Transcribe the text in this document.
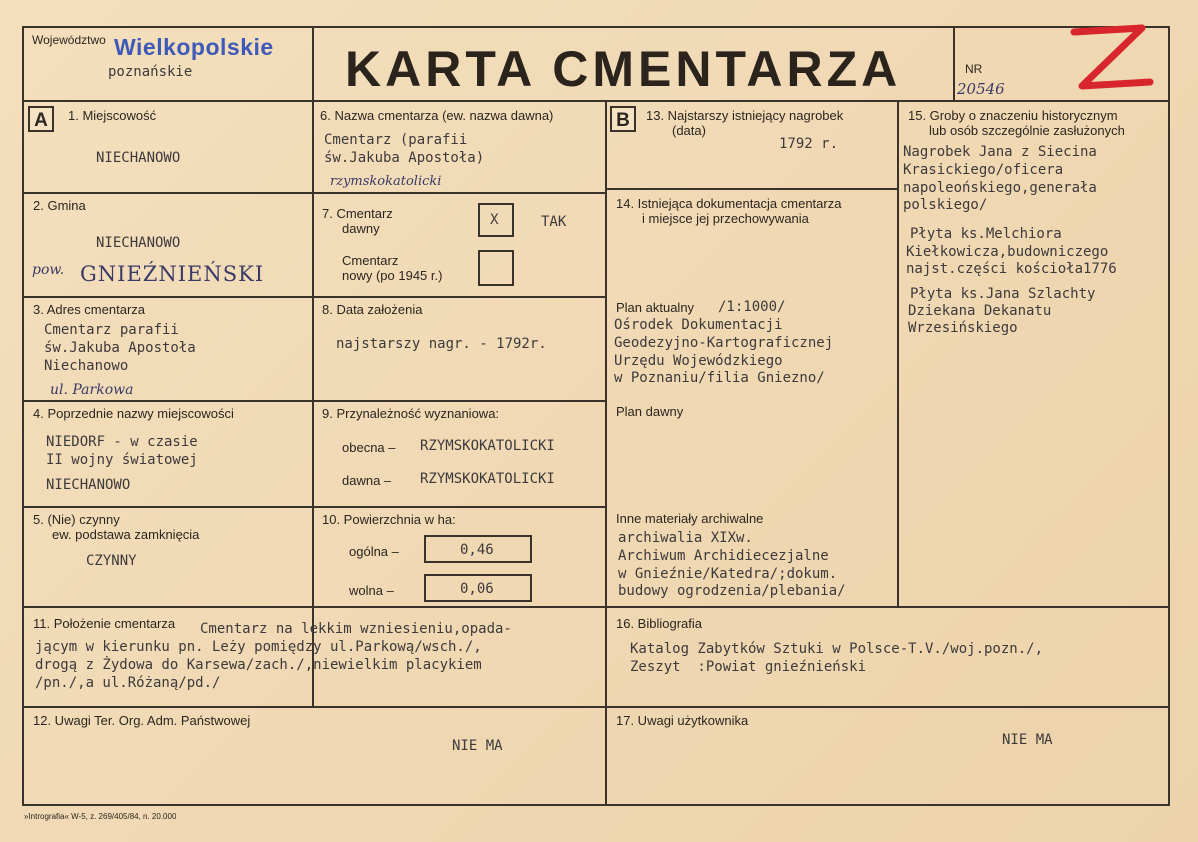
Województwo Wielkopolskie
poznańskie	KARTA CMENTARZA	NR
20546
A	1. Miejscowość
NIECHANOWO
2. Gmina
NIECHANOWO
pow. GNIEŹNIEŃSKI
3. Adres cmentarza
Cmentarz parafii
św.Jakuba Apostoła
Niechanowo
ul. Parkowa
4. Poprzednie nazwy miejscowości
NIEDORF - w czasie
II wojny światowej
NIECHANOWO
5. (Nie) czynny
ew. podstawa zamknięcia
CZYNNY
6. Nazwa cmentarza (ew. nazwa dawna)
Cmentarz (parafii
św.Jakuba Apostoła)
rzymskokatolicki
7. Cmentarz
dawny
X	TAK
Cmentarz
nowy (po 1945 r.)
8. Data założenia
najstarszy nagr. - 1792r.
9. Przynależność wyznaniowa:
obecna – RZYMSKOKATOLICKI
dawna – RZYMSKOKATOLICKI
10. Powierzchnia w ha:
ogólna –	0,46
wolna –	0,06
B	13. Najstarszy istniejący nagrobek
(data)
1792 r.
14. Istniejąca dokumentacja cmentarza
i miejsce jej przechowywania
Plan aktualny /1:1000/
Ośrodek Dokumentacji
Geodezyjno-Kartograficznej
Urzędu Wojewódzkiego
w Poznaniu/filia Gniezno/
Plan dawny
Inne materiały archiwalne
archiwalia XIXw.
Archiwum Archidiecezjalne
w Gnieźnie/Katedra/;dokum.
budowy ogrodzenia/plebania/
15. Groby o znaczeniu historycznym
lub osób szczególnie zasłużonych
Nagrobek Jana z Siecina
Krasickiego/oficera
napoleońskiego,generała
polskiego/
Płyta ks.Melchiora
Kiełkowicza,budowniczego
najst.części kościoła1776
Płyta ks.Jana Szlachty
Dziekana Dekanatu
Wrzesińskiego
11. Położenie cmentarza Cmentarz na lekkim wzniesieniu,opada-
jącym w kierunku pn. Leży pomiędzy ul.Parkową/wsch./,
drogą z Żydowa do Karsewa/zach./,niewielkim placykiem
/pn./,a ul.Różaną/pd./
16. Bibliografia
Katalog Zabytków Sztuki w Polsce-T.V./woj.pozn./,
Zeszyt  :Powiat gnieźnieński
12. Uwagi Ter. Org. Adm. Państwowej
NIE MA
17. Uwagi użytkownika
NIE MA
»Intrografia« W-5, z. 269/405/84, n. 20.000
